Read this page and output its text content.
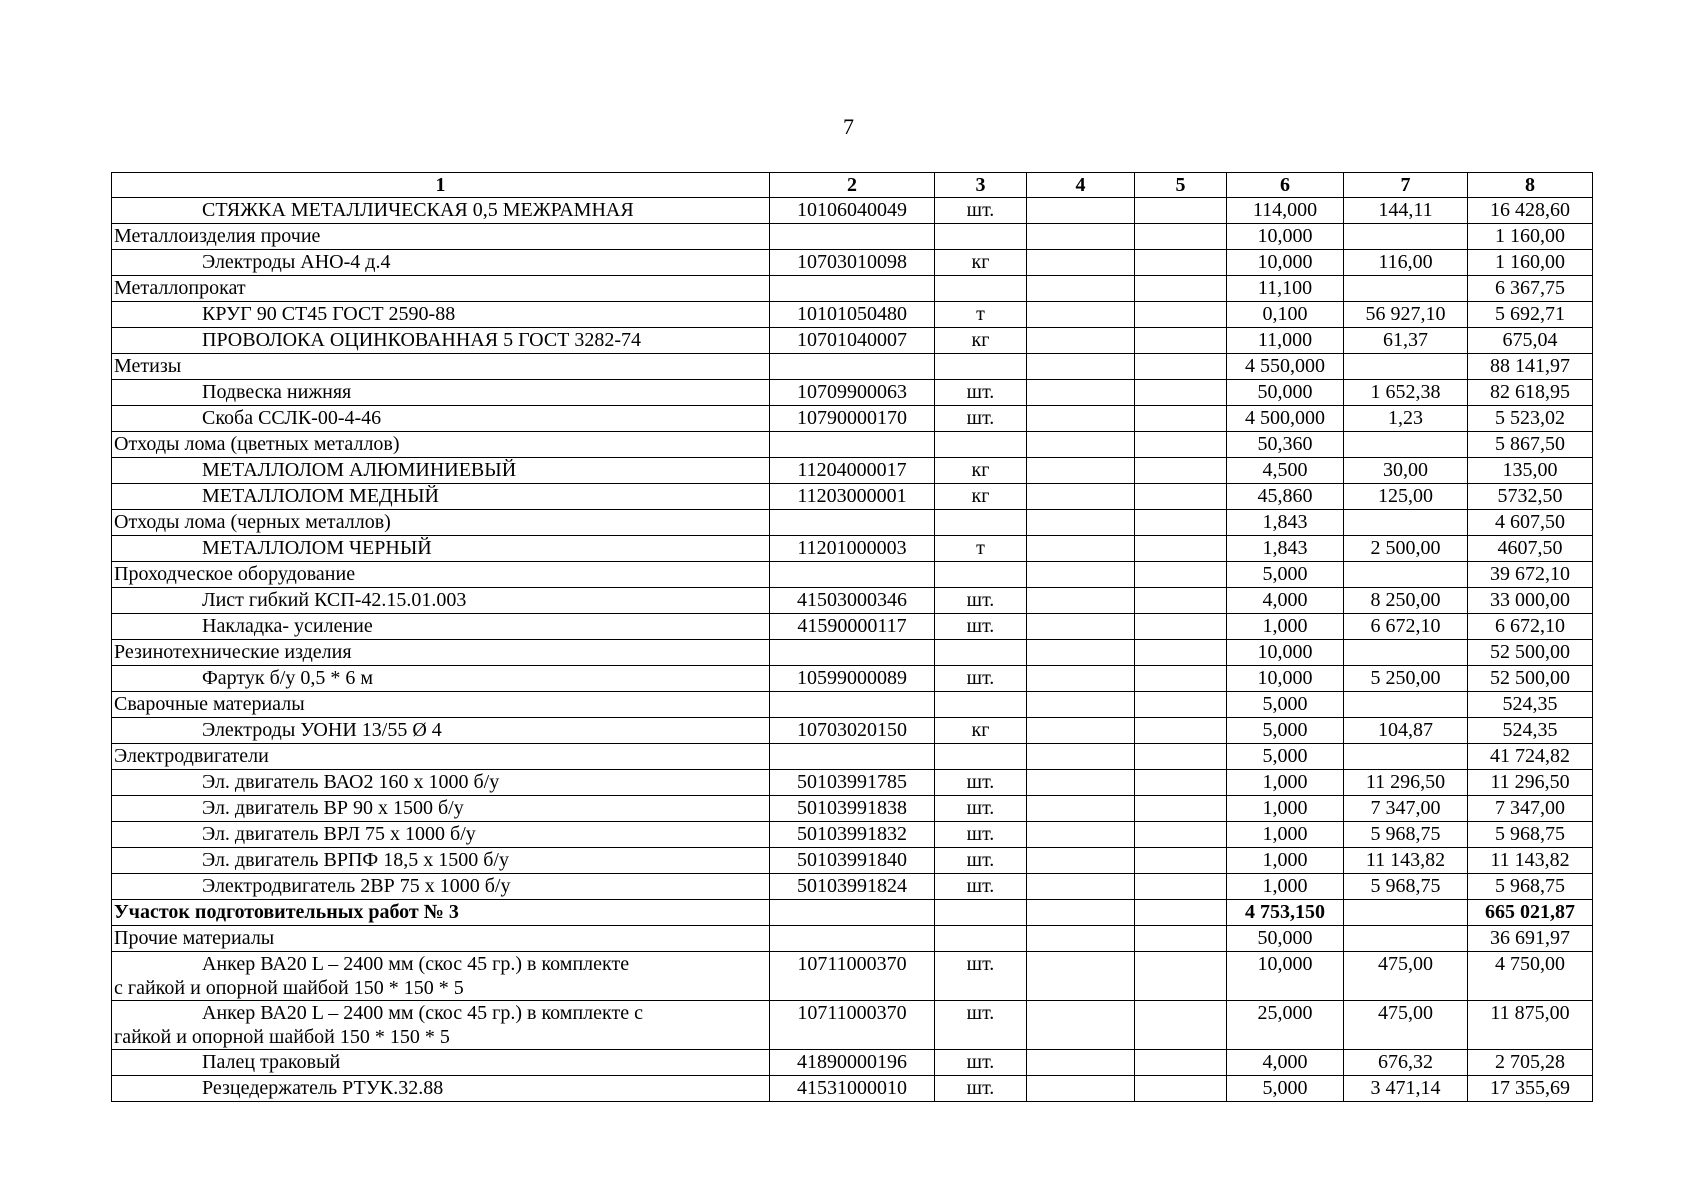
7
1	2	3	4	5	6	7	8
СТЯЖКА МЕТАЛЛИЧЕСКАЯ 0,5 МЕЖРАМНАЯ	10106040049	шт.			114,000	144,11	16 428,60
Металлоизделия прочие					10,000		1 160,00
Электроды АНО-4 д.4	10703010098	кг			10,000	116,00	1 160,00
Металлопрокат					11,100		6 367,75
КРУГ 90 СТ45 ГОСТ 2590-88	10101050480	т			0,100	56 927,10	5 692,71
ПРОВОЛОКА ОЦИНКОВАННАЯ 5 ГОСТ 3282-74	10701040007	кг			11,000	61,37	675,04
Метизы					4 550,000		88 141,97
Подвеска нижняя	10709900063	шт.			50,000	1 652,38	82 618,95
Скоба ССЛК-00-4-46	10790000170	шт.			4 500,000	1,23	5 523,02
Отходы лома (цветных металлов)					50,360		5 867,50
МЕТАЛЛОЛОМ АЛЮМИНИЕВЫЙ	11204000017	кг			4,500	30,00	135,00
МЕТАЛЛОЛОМ МЕДНЫЙ	11203000001	кг			45,860	125,00	5732,50
Отходы лома (черных металлов)					1,843		4 607,50
МЕТАЛЛОЛОМ ЧЕРНЫЙ	11201000003	т			1,843	2 500,00	4607,50
Проходческое оборудование					5,000		39 672,10
Лист гибкий КСП-42.15.01.003	41503000346	шт.			4,000	8 250,00	33 000,00
Накладка- усиление	41590000117	шт.			1,000	6 672,10	6 672,10
Резинотехнические изделия					10,000		52 500,00
Фартук б/у 0,5 * 6 м	10599000089	шт.			10,000	5 250,00	52 500,00
Сварочные материалы					5,000		524,35
Электроды УОНИ 13/55 Ø 4	10703020150	кг			5,000	104,87	524,35
Электродвигатели					5,000		41 724,82
Эл. двигатель ВАО2 160 х 1000 б/у	50103991785	шт.			1,000	11 296,50	11 296,50
Эл. двигатель ВР 90 х 1500 б/у	50103991838	шт.			1,000	7 347,00	7 347,00
Эл. двигатель ВРЛ 75 х 1000 б/у	50103991832	шт.			1,000	5 968,75	5 968,75
Эл. двигатель ВРПФ 18,5 х 1500 б/у	50103991840	шт.			1,000	11 143,82	11 143,82
Электродвигатель 2ВР 75 х 1000 б/у	50103991824	шт.			1,000	5 968,75	5 968,75
Участок подготовительных работ № 3					4 753,150		665 021,87
Прочие материалы					50,000		36 691,97

Анкер ВА20 L – 2400 мм (скос 45 гр.) в комплекте
с гайкой и опорной шайбой 150 * 150 * 5	10711000370	шт.			10,000	475,00	4 750,00

Анкер ВА20 L – 2400 мм (скос 45 гр.) в комплекте с
гайкой и опорной шайбой 150 * 150 * 5	10711000370	шт.			25,000	475,00	11 875,00
Палец траковый	41890000196	шт.			4,000	676,32	2 705,28
Резцедержатель РТУК.32.88	41531000010	шт.			5,000	3 471,14	17 355,69
